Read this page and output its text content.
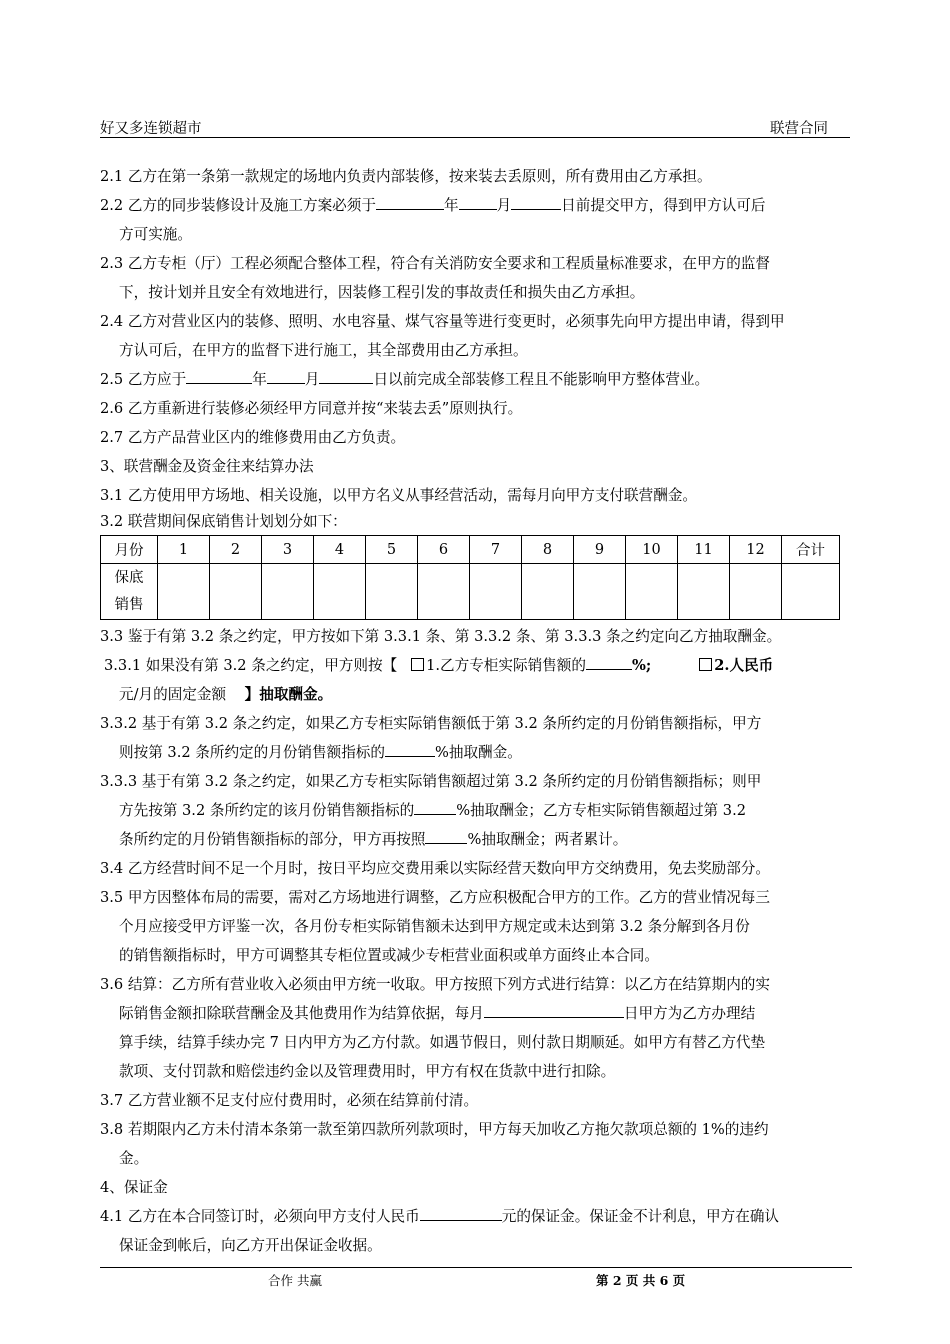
好又多连锁超市	联营合同

2.1 乙方在第一条第一款规定的场地内负责内部装修，按来装去丢原则，所有费用由乙方承担。

2.2 乙方的同步装修设计及施工方案必须于	年	月	日前提交甲方，得到甲方认可后

方可实施。

2.3 乙方专柜（厅）工程必须配合整体工程，符合有关消防安全要求和工程质量标准要求，在甲方的监督

下，按计划并且安全有效地进行，因装修工程引发的事故责任和损失由乙方承担。

2.4 乙方对营业区内的装修、照明、水电容量、煤气容量等进行变更时，必须事先向甲方提出申请，得到甲

方认可后，在甲方的监督下进行施工，其全部费用由乙方承担。

2.5 乙方应于	年	月	日以前完成全部装修工程且不能影响甲方整体营业。

2.6 乙方重新进行装修必须经甲方同意并按“来装去丢”原则执行。

2.7 乙方产品营业区内的维修费用由乙方负责。

3、联营酬金及资金往来结算办法

3.1 乙方使用甲方场地、相关设施，以甲方名义从事经营活动，需每月向甲方支付联营酬金。

3.2 联营期间保底销售计划划分如下：

月份	1	2	3	4	5	6	7	8	9	10	11	12	合计
保底
销售													

3.3 鉴于有第 3.2 条之约定，甲方按如下第 3.3.1 条、第 3.3.2 条、第 3.3.3 条之约定向乙方抽取酬金。

3.3.1 如果没有第 3.2 条之约定，甲方则按【 1.乙方专柜实际销售额的	%;	2.人民币

元/月的固定金额 】抽取酬金。

3.3.2 基于有第 3.2 条之约定，如果乙方专柜实际销售额低于第 3.2 条所约定的月份销售额指标，甲方

则按第 3.2 条所约定的月份销售额指标的	%抽取酬金。

3.3.3 基于有第 3.2 条之约定，如果乙方专柜实际销售额超过第 3.2 条所约定的月份销售额指标；则甲

方先按第 3.2 条所约定的该月份销售额指标的	%抽取酬金；乙方专柜实际销售额超过第 3.2

条所约定的月份销售额指标的部分，甲方再按照	%抽取酬金；两者累计。

3.4 乙方经营时间不足一个月时，按日平均应交费用乘以实际经营天数向甲方交纳费用，免去奖励部分。

3.5 甲方因整体布局的需要，需对乙方场地进行调整，乙方应积极配合甲方的工作。乙方的营业情况每三

个月应接受甲方评鉴一次，各月份专柜实际销售额未达到甲方规定或未达到第 3.2 条分解到各月份

的销售额指标时，甲方可调整其专柜位置或减少专柜营业面积或单方面终止本合同。

3.6 结算：乙方所有营业收入必须由甲方统一收取。甲方按照下列方式进行结算：以乙方在结算期内的实

际销售金额扣除联营酬金及其他费用作为结算依据，每月	日甲方为乙方办理结

算手续，结算手续办完 7 日内甲方为乙方付款。如遇节假日，则付款日期顺延。如甲方有替乙方代垫

款项、支付罚款和赔偿违约金以及管理费用时，甲方有权在货款中进行扣除。

3.7 乙方营业额不足支付应付费用时，必须在结算前付清。

3.8 若期限内乙方未付清本条第一款至第四款所列款项时，甲方每天加收乙方拖欠款项总额的 1%的违约

金。

4、保证金

4.1 乙方在本合同签订时，必须向甲方支付人民币	元的保证金。保证金不计利息，甲方在确认

保证金到帐后，向乙方开出保证金收据。

合作 共赢	第 2 页 共 6 页
